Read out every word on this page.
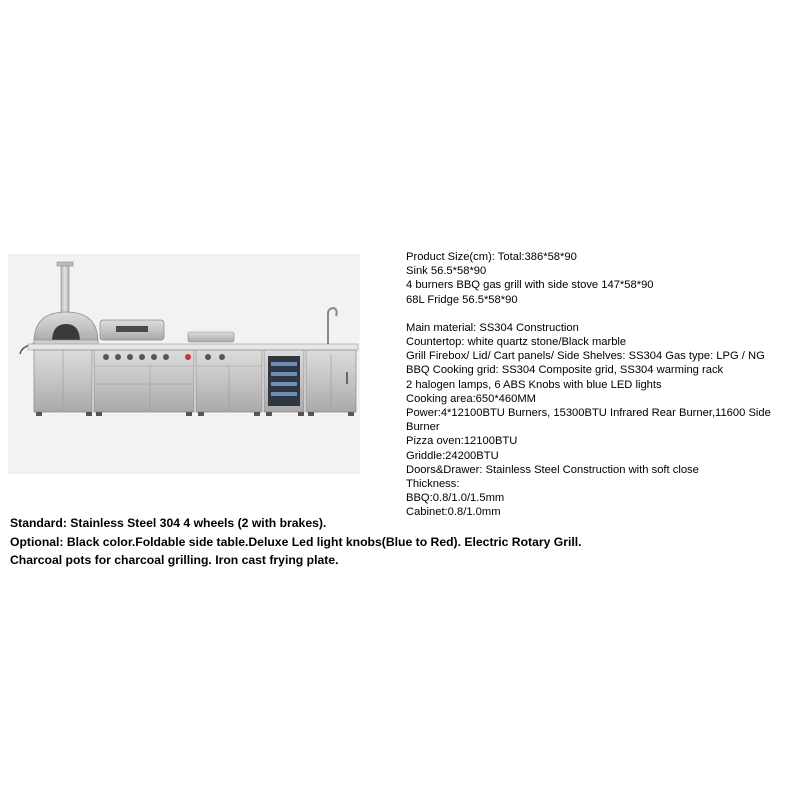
Product Size(cm): Total:386*58*90
Sink 56.5*58*90
4 burners BBQ gas grill with side stove 147*58*90
68L Fridge 56.5*58*90
Main material: SS304 Construction
Countertop: white quartz stone/Black marble
Grill Firebox/ Lid/ Cart panels/ Side Shelves: SS304 Gas type: LPG / NG
BBQ Cooking grid: SS304 Composite grid, SS304 warming rack
2 halogen lamps, 6 ABS Knobs with blue LED lights
Cooking area:650*460MM
Power:4*12100BTU Burners, 15300BTU Infrared Rear Burner,11600 Side
Burner
Pizza oven:12100BTU
Griddle:24200BTU
Doors&Drawer: Stainless Steel Construction with soft close
Thickness:
BBQ:0.8/1.0/1.5mm
Cabinet:0.8/1.0mm
Standard: Stainless Steel 304 4 wheels (2 with brakes).
Optional: Black color.Foldable side table.Deluxe Led light knobs(Blue to Red). Electric Rotary Grill.
Charcoal pots for charcoal grilling. Iron cast frying plate.
